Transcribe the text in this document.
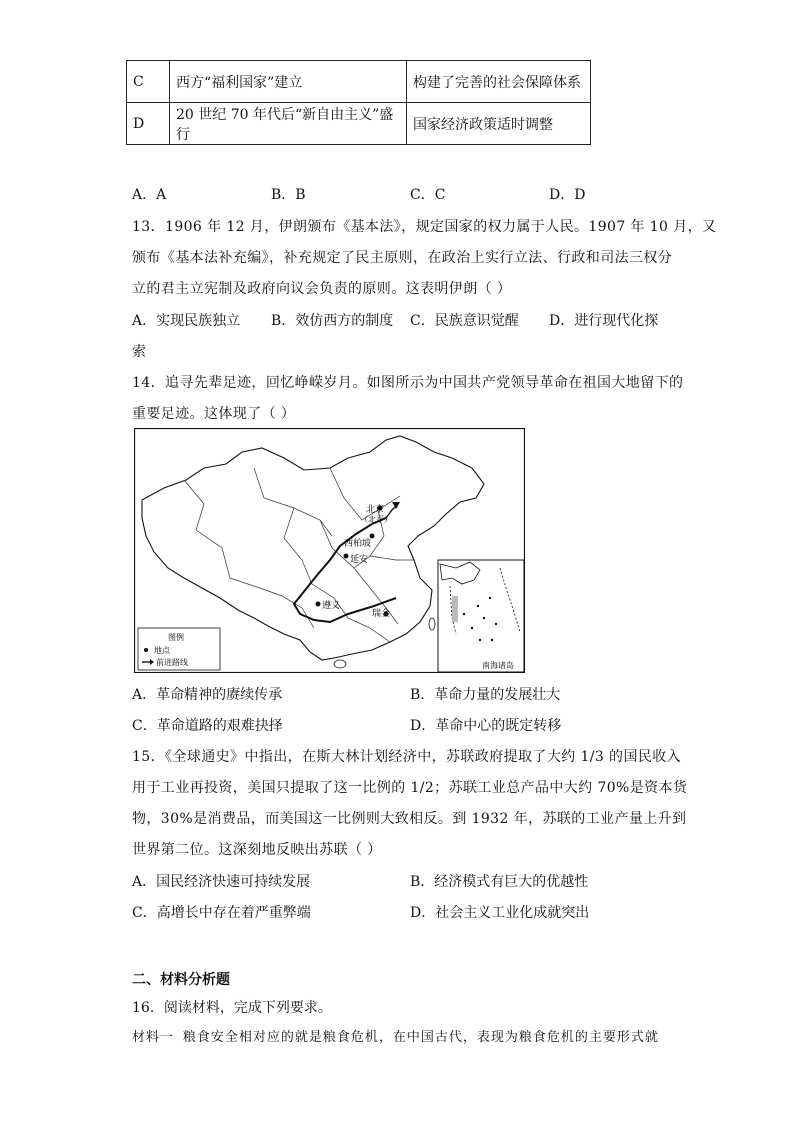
C	西方“福利国家”建立	构建了完善的社会保障体系
D	20 世纪 70 年代后“新自由主义”盛行	国家经济政策适时调整
A．A	B．B	C．C	D．D
13．1906 年 12 月，伊朗颁布《基本法》，规定国家的权力属于人民。1907 年 10 月，又
颁布《基本法补充编》，补充规定了民主原则，在政治上实行立法、行政和司法三权分
立的君主立宪制及政府向议会负责的原则。这表明伊朗（ ）
A．实现民族独立 B．效仿西方的制度 C．民族意识觉醒 D．进行现代化探
索
14．追寻先辈足迹，回忆峥嵘岁月。如图所示为中国共产党领导革命在祖国大地留下的
重要足迹。这体现了（ ）
北京
（北平）
西柏坡
延安
遵义
瑞金
图例
地点
前进路线	南海诸岛
A．革命精神的赓续传承	B．革命力量的发展壮大
C．革命道路的艰难抉择	D．革命中心的既定转移
15．《全球通史》中指出，在斯大林计划经济中，苏联政府提取了大约 1/3 的国民收入
用于工业再投资，美国只提取了这一比例的 1/2；苏联工业总产品中大约 70%是资本货
物，30%是消费品，而美国这一比例则大致相反。到 1932 年，苏联的工业产量上升到
世界第二位。这深刻地反映出苏联（ ）
A．国民经济快速可持续发展	B．经济模式有巨大的优越性
C．高增长中存在着严重弊端	D．社会主义工业化成就突出
二、材料分析题
16．阅读材料，完成下列要求。
材料一 粮食安全相对应的就是粮食危机，在中国古代，表现为粮食危机的主要形式就
